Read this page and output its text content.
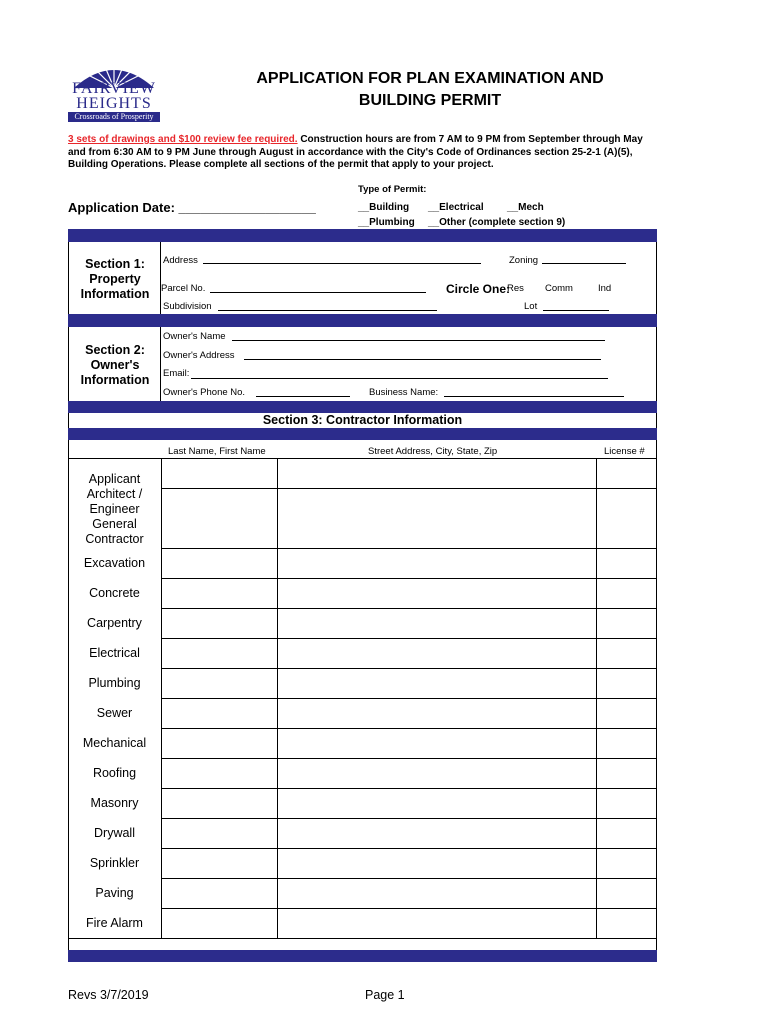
FAIRVIEW
HEIGHTS
Crossroads of Prosperity
APPLICATION FOR PLAN EXAMINATION AND
BUILDING PERMIT
3 sets of drawings and $100 review fee required. Construction hours are from 7 AM to 9 PM from September through May
and from 6:30 AM to 9 PM June through August in accordance with the City's Code of Ordinances section 25-2-1 (A)(5),
Building Operations. Please complete all sections of the permit that apply to your project.
Type of Permit:
Application Date: ___________________	__Building __Electrical __Mech
__Plumbing __Other (complete section 9)
Section 1:
Property
Information
Address	Zoning
Parcel No.	Circle One:
Res Comm	Ind
Subdivision	Lot
Section 2:
Owner's
Information
Owner's Name
Owner's Address
Email:
Owner's Phone No.	Business Name:
Section 3: Contractor Information
Last Name, First Name	Street Address, City, State, Zip	License #
Applicant
Architect /
Engineer
General
Contractor
Excavation
Concrete
Carpentry
Electrical
Plumbing
Sewer
Mechanical
Roofing
Masonry
Drywall
Sprinkler
Paving
Fire Alarm
Revs 3/7/2019	Page 1
